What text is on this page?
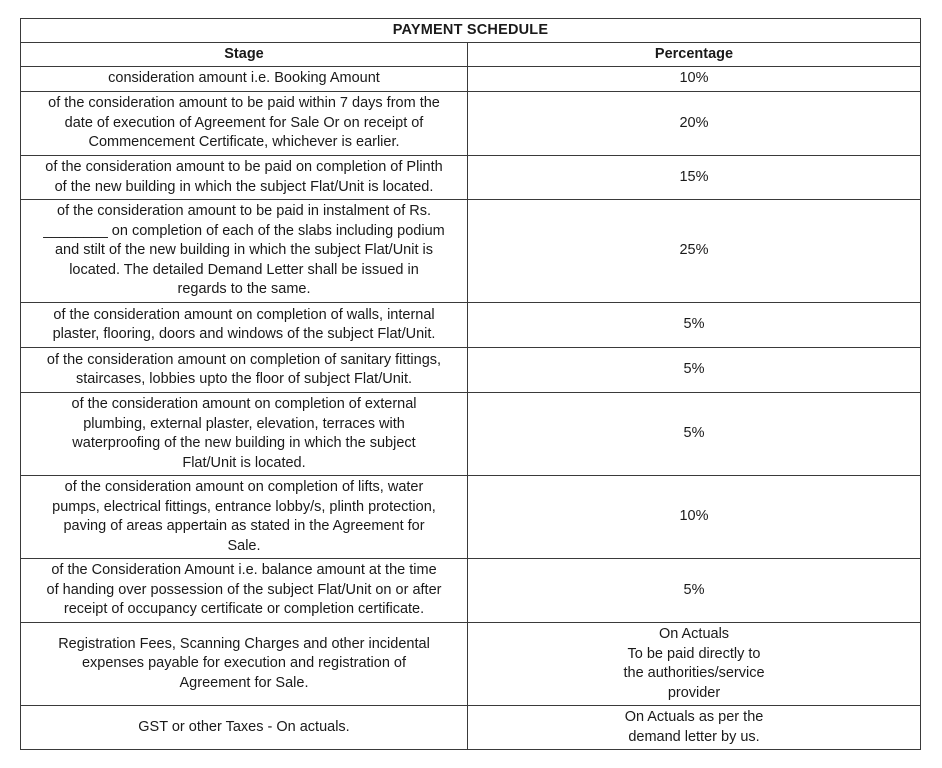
PAYMENT SCHEDULE	
Stage	Percentage
consideration amount i.e. Booking Amount	10%
of the consideration amount to be paid within 7 days from the
date of execution of Agreement for Sale Or on receipt of
Commencement Certificate, whichever is earlier.	20%
of the consideration amount to be paid on completion of Plinth
of the new building in which the subject Flat/Unit is located.	15%
of the consideration amount to be paid in instalment of Rs.
________ on completion of each of the slabs including podium
and stilt of the new building in which the subject Flat/Unit is
located. The detailed Demand Letter shall be issued in
regards to the same.	25%
of the consideration amount on completion of walls, internal
plaster, flooring, doors and windows of the subject Flat/Unit.	5%
of the consideration amount on completion of sanitary fittings,
staircases, lobbies upto the floor of subject Flat/Unit.	5%
of the consideration amount on completion of external
plumbing, external plaster, elevation, terraces with
waterproofing of the new building in which the subject
Flat/Unit is located.	5%
of the consideration amount on completion of lifts, water
pumps, electrical fittings, entrance lobby/s, plinth protection,
paving of areas appertain as stated in the Agreement for
Sale.	10%
of the Consideration Amount i.e. balance amount at the time
of handing over possession of the subject Flat/Unit on or after
receipt of occupancy certificate or completion certificate.	5%
Registration Fees, Scanning Charges and other incidental
expenses payable for execution and registration of
Agreement for Sale.	On Actuals
To be paid directly to
the authorities/service
provider
GST or other Taxes - On actuals.	On Actuals as per the
demand letter by us.
